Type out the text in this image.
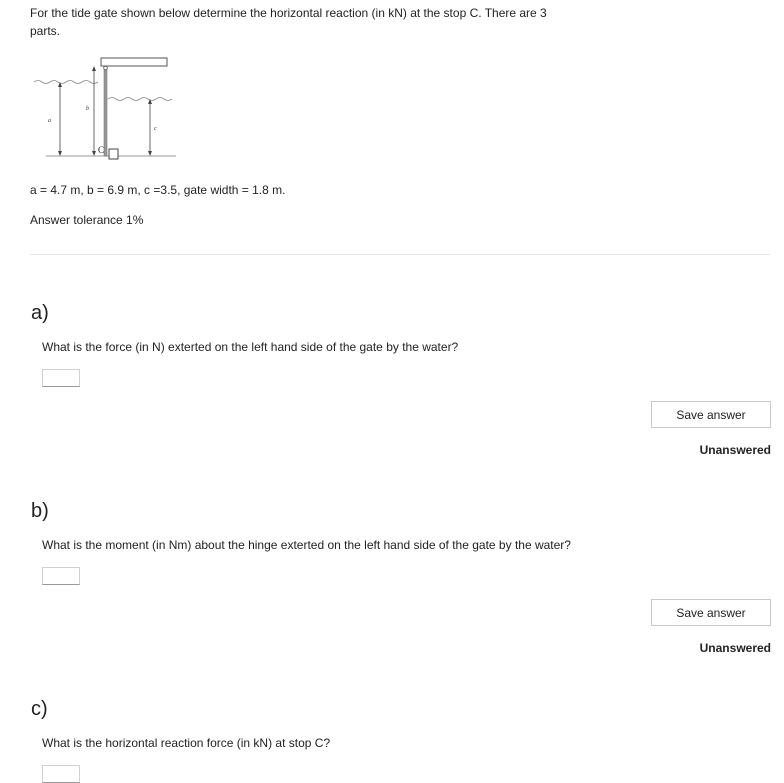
For the tide gate shown below determine the horizontal reaction (in kN) at the stop C. There are 3
parts.
C
a
b
c
a = 4.7 m, b = 6.9 m, c =3.5, gate width = 1.8 m.
Answer tolerance 1%
a)
What is the force (in N) exterted on the left hand side of the gate by the water?
Save answer
Unanswered
b)
What is the moment (in Nm) about the hinge exterted on the left hand side of the gate by the water?
Save answer
Unanswered
c)
What is the horizontal reaction force (in kN) at stop C?
